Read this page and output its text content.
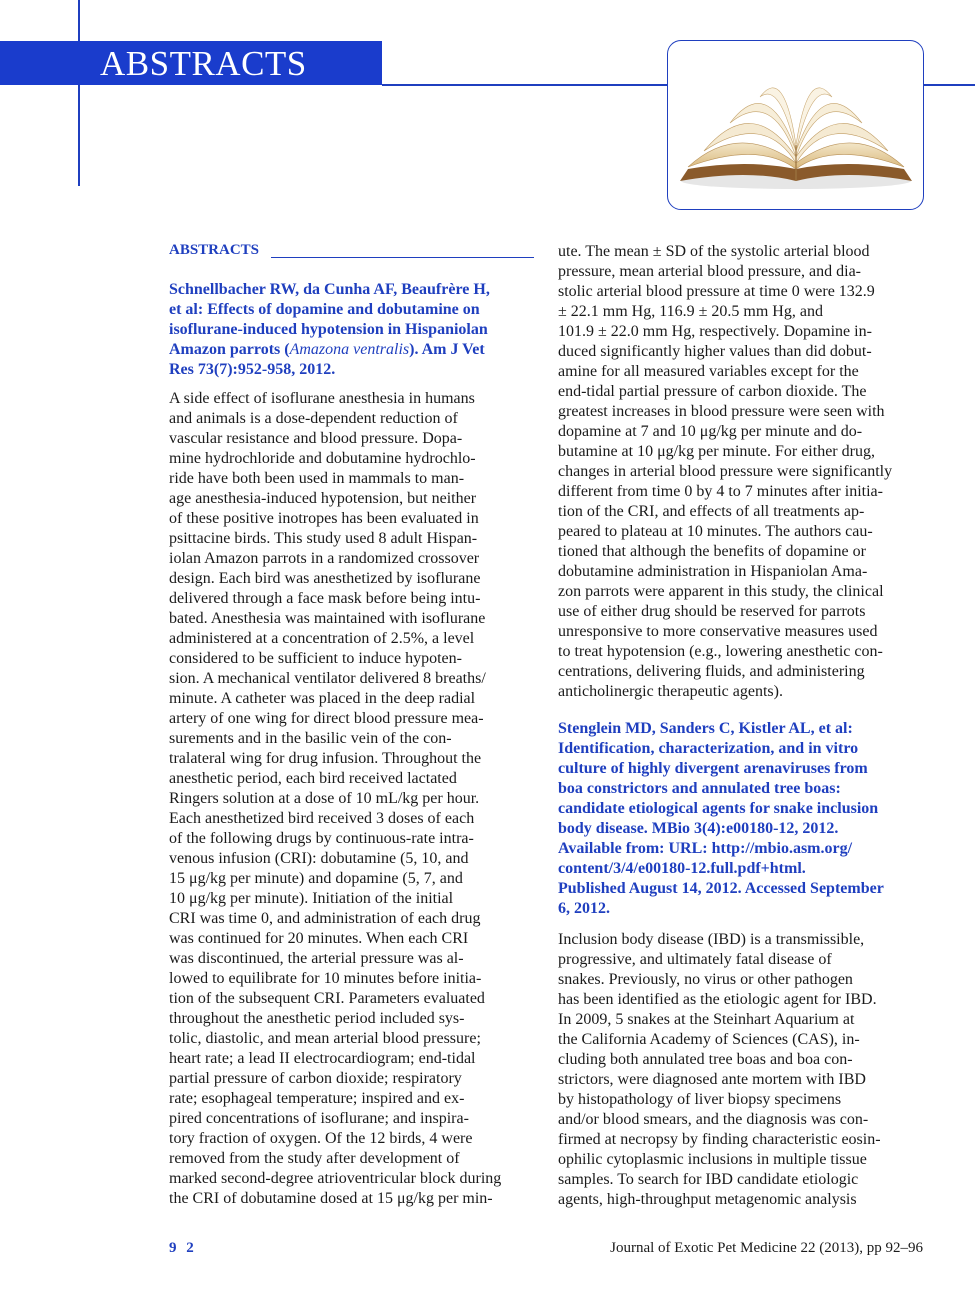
ABSTRACTS
ABSTRACTS
Schnellbacher RW, da Cunha AF, Beaufrère H,
et al: Effects of dopamine and dobutamine on
isoflurane-induced hypotension in Hispaniolan
Amazon parrots (Amazona ventralis). Am J Vet
Res 73(7):952-958, 2012.
A side effect of isoflurane anesthesia in humans
and animals is a dose-dependent reduction of
vascular resistance and blood pressure. Dopa-
mine hydrochloride and dobutamine hydrochlo-
ride have both been used in mammals to man-
age anesthesia-induced hypotension, but neither
of these positive inotropes has been evaluated in
psittacine birds. This study used 8 adult Hispan-
iolan Amazon parrots in a randomized crossover
design. Each bird was anesthetized by isoflurane
delivered through a face mask before being intu-
bated. Anesthesia was maintained with isoflurane
administered at a concentration of 2.5%, a level
considered to be sufficient to induce hypoten-
sion. A mechanical ventilator delivered 8 breaths/
minute. A catheter was placed in the deep radial
artery of one wing for direct blood pressure mea-
surements and in the basilic vein of the con-
tralateral wing for drug infusion. Throughout the
anesthetic period, each bird received lactated
Ringers solution at a dose of 10 mL/kg per hour.
Each anesthetized bird received 3 doses of each
of the following drugs by continuous-rate intra-
venous infusion (CRI): dobutamine (5, 10, and
15 μg/kg per minute) and dopamine (5, 7, and
10 μg/kg per minute). Initiation of the initial
CRI was time 0, and administration of each drug
was continued for 20 minutes. When each CRI
was discontinued, the arterial pressure was al-
lowed to equilibrate for 10 minutes before initia-
tion of the subsequent CRI. Parameters evaluated
throughout the anesthetic period included sys-
tolic, diastolic, and mean arterial blood pressure;
heart rate; a lead II electrocardiogram; end-tidal
partial pressure of carbon dioxide; respiratory
rate; esophageal temperature; inspired and ex-
pired concentrations of isoflurane; and inspira-
tory fraction of oxygen. Of the 12 birds, 4 were
removed from the study after development of
marked second-degree atrioventricular block during
the CRI of dobutamine dosed at 15 μg/kg per min-
ute. The mean ± SD of the systolic arterial blood
pressure, mean arterial blood pressure, and dia-
stolic arterial blood pressure at time 0 were 132.9
± 22.1 mm Hg, 116.9 ± 20.5 mm Hg, and
101.9 ± 22.0 mm Hg, respectively. Dopamine in-
duced significantly higher values than did dobut-
amine for all measured variables except for the
end-tidal partial pressure of carbon dioxide. The
greatest increases in blood pressure were seen with
dopamine at 7 and 10 μg/kg per minute and do-
butamine at 10 μg/kg per minute. For either drug,
changes in arterial blood pressure were significantly
different from time 0 by 4 to 7 minutes after initia-
tion of the CRI, and effects of all treatments ap-
peared to plateau at 10 minutes. The authors cau-
tioned that although the benefits of dopamine or
dobutamine administration in Hispaniolan Ama-
zon parrots were apparent in this study, the clinical
use of either drug should be reserved for parrots
unresponsive to more conservative measures used
to treat hypotension (e.g., lowering anesthetic con-
centrations, delivering fluids, and administering
anticholinergic therapeutic agents).
Stenglein MD, Sanders C, Kistler AL, et al:
Identification, characterization, and in vitro
culture of highly divergent arenaviruses from
boa constrictors and annulated tree boas:
candidate etiological agents for snake inclusion
body disease. MBio 3(4):e00180-12, 2012.
Available from: URL: http://mbio.asm.org/
content/3/4/e00180-12.full.pdf+html.
Published August 14, 2012. Accessed September
6, 2012.
Inclusion body disease (IBD) is a transmissible,
progressive, and ultimately fatal disease of
snakes. Previously, no virus or other pathogen
has been identified as the etiologic agent for IBD.
In 2009, 5 snakes at the Steinhart Aquarium at
the California Academy of Sciences (CAS), in-
cluding both annulated tree boas and boa con-
strictors, were diagnosed ante mortem with IBD
by histopathology of liver biopsy specimens
and/or blood smears, and the diagnosis was con-
firmed at necropsy by finding characteristic eosin-
ophilic cytoplasmic inclusions in multiple tissue
samples. To search for IBD candidate etiologic
agents, high-throughput metagenomic analysis
9 2	Journal of Exotic Pet Medicine 22 (2013), pp 92–96
